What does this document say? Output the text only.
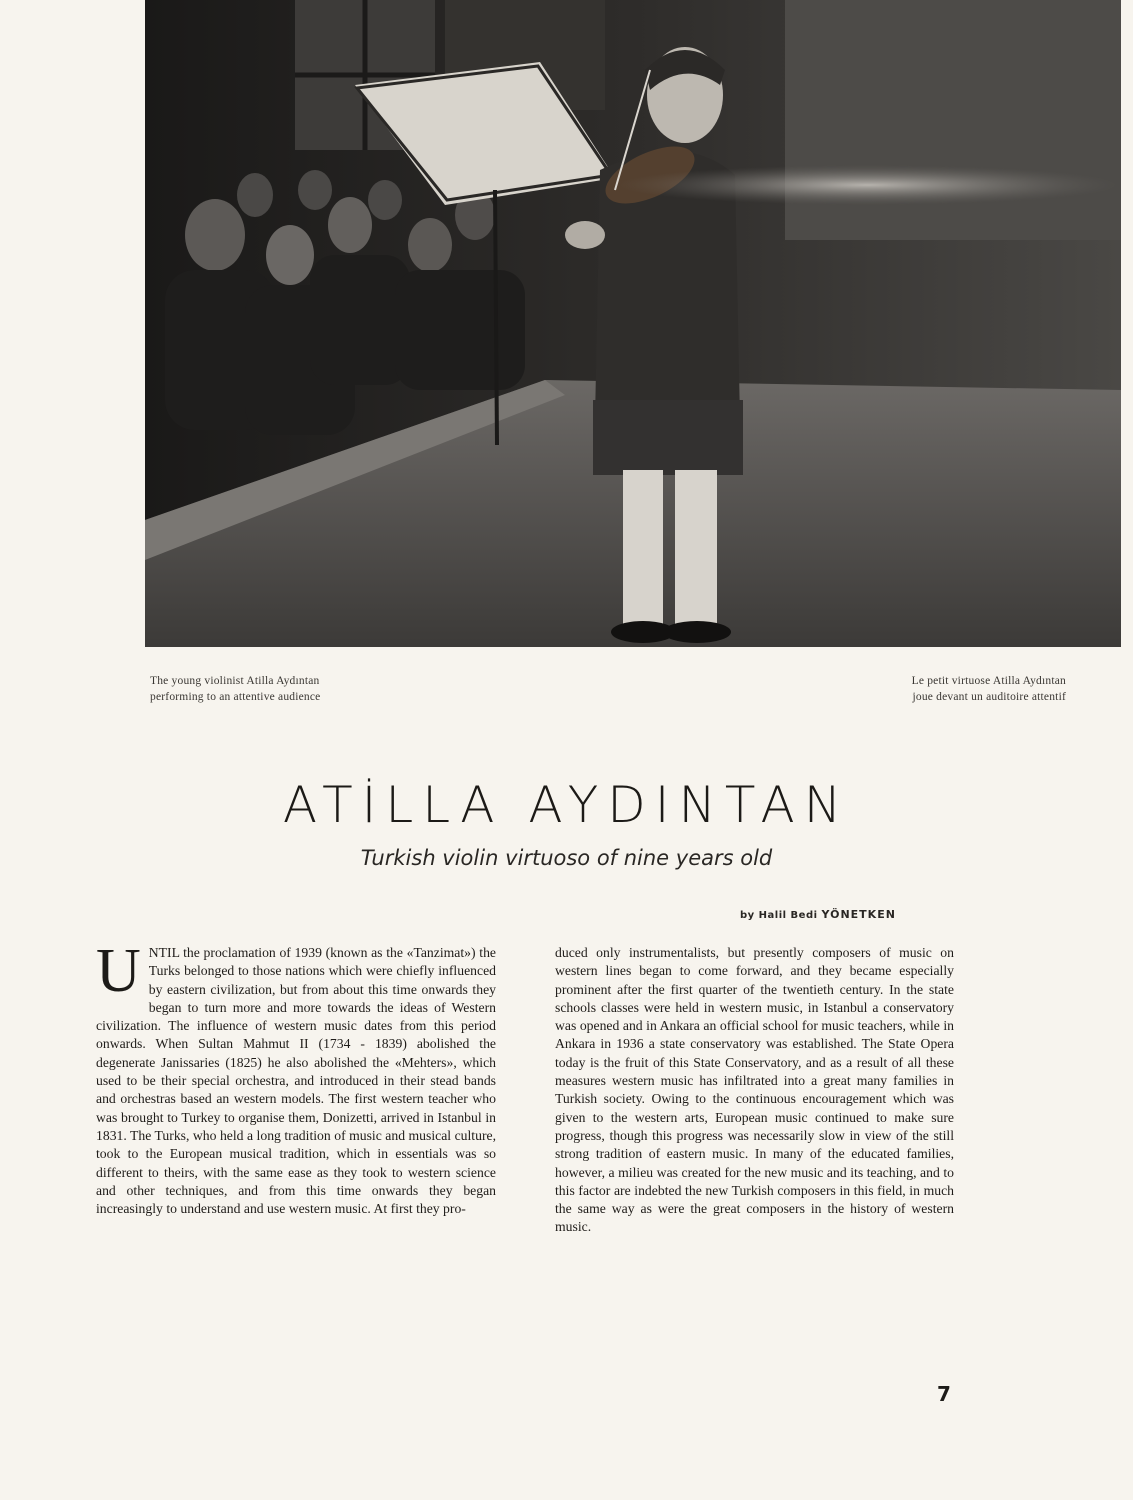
The young violinist Atilla Aydıntan
performing to an attentive audience
Le petit virtuose Atilla Aydıntan
joue devant un auditoire attentif
ATİLLA AYDINTAN
Turkish violin virtuoso of nine years old
by Halil Bedi YÖNETKEN
UNTIL the proclamation of 1939 (known as the «Tanzimat») the Turks belonged to those nations which were chiefly influenced by eastern civilization, but from about this time onwards they began to turn more and more towards the ideas of Western civilization. The influence of western music dates from this period onwards. When Sultan Mahmut II (1734 - 1839) abolished the degenerate Janissaries (1825) he also abolished the «Mehters», which used to be their special orchestra, and introduced in their stead bands and orchestras based an western models. The first western teacher who was brought to Turkey to organise them, Donizetti, arrived in Istanbul in 1831. The Turks, who held a long tradition of music and musical culture, took to the European musical tradition, which in essentials was so different to theirs, with the same ease as they took to western science and other techniques, and from this time onwards they began increasingly to understand and use western music. At first they pro-
duced only instrumentalists, but presently composers of music on western lines began to come forward, and they became especially prominent after the first quarter of the twentieth century. In the state schools classes were held in western music, in Istanbul a conservatory was opened and in Ankara an official school for music teachers, while in Ankara in 1936 a state conservatory was established. The State Opera today is the fruit of this State Conservatory, and as a result of all these measures western music has infiltrated into a great many families in Turkish society. Owing to the continuous encouragement which was given to the western arts, European music continued to make sure progress, though this progress was necessarily slow in view of the still strong tradition of eastern music. In many of the educated families, however, a milieu was created for the new music and its teaching, and to this factor are indebted the new Turkish composers in this field, in much the same way as were the great composers in the history of western music.
7
